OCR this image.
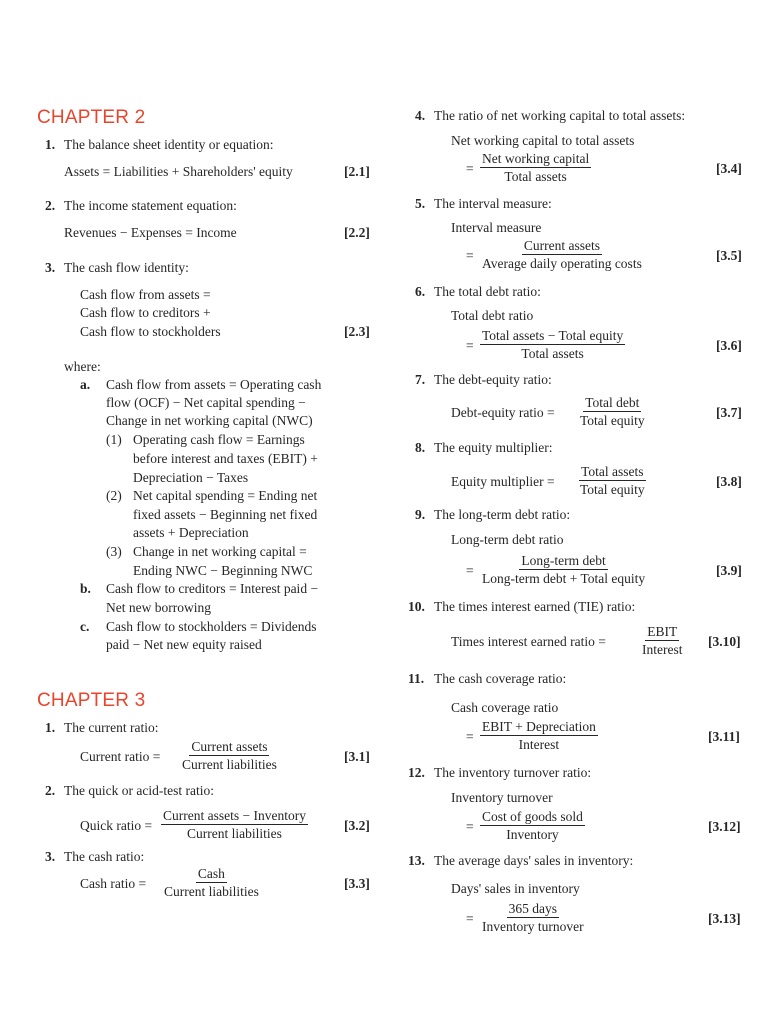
CHAPTER 2
1. The balance sheet identity or equation:
Assets = Liabilities + Shareholders' equity	[2.1]
2. The income statement equation:
Revenues − Expenses = Income	[2.2]
3. The cash flow identity:
Cash flow from assets =
Cash flow to creditors +
Cash flow to stockholders	[2.3]
where:
a. Cash flow from assets = Operating cash
flow (OCF) − Net capital spending −
Change in net working capital (NWC)
(1) Operating cash flow = Earnings
before interest and taxes (EBIT) +
Depreciation − Taxes
(2) Net capital spending = Ending net
fixed assets − Beginning net fixed
assets + Depreciation
(3) Change in net working capital =
Ending NWC − Beginning NWC
b. Cash flow to creditors = Interest paid −
Net new borrowing
c. Cash flow to stockholders = Dividends
paid − Net new equity raised
CHAPTER 3
1. The current ratio:
Current ratio =
Current assets
Current liabilities
[3.1]
2. The quick or acid-test ratio:
Quick ratio =
Current assets − Inventory
Current liabilities
[3.2]
3. The cash ratio:
Cash ratio =
Cash
Current liabilities
[3.3]
4. The ratio of net working capital to total assets:
Net working capital to total assets
=
Net working capital
Total assets
[3.4]
5. The interval measure:
Interval measure
=
Current assets
Average daily operating costs
[3.5]
6. The total debt ratio:
Total debt ratio
=
Total assets − Total equity
Total assets
[3.6]
7. The debt-equity ratio:
Debt-equity ratio =
Total debt
Total equity
[3.7]
8. The equity multiplier:
Equity multiplier =
Total assets
Total equity
[3.8]
9. The long-term debt ratio:
Long-term debt ratio
=
Long-term debt
Long-term debt + Total equity
[3.9]
10. The times interest earned (TIE) ratio:
Times interest earned ratio =
EBIT
Interest
[3.10]
11. The cash coverage ratio:
Cash coverage ratio
=
EBIT + Depreciation
Interest
[3.11]
12. The inventory turnover ratio:
Inventory turnover
=
Cost of goods sold
Inventory
[3.12]
13. The average days' sales in inventory:
Days' sales in inventory
=
365 days
Inventory turnover
[3.13]
